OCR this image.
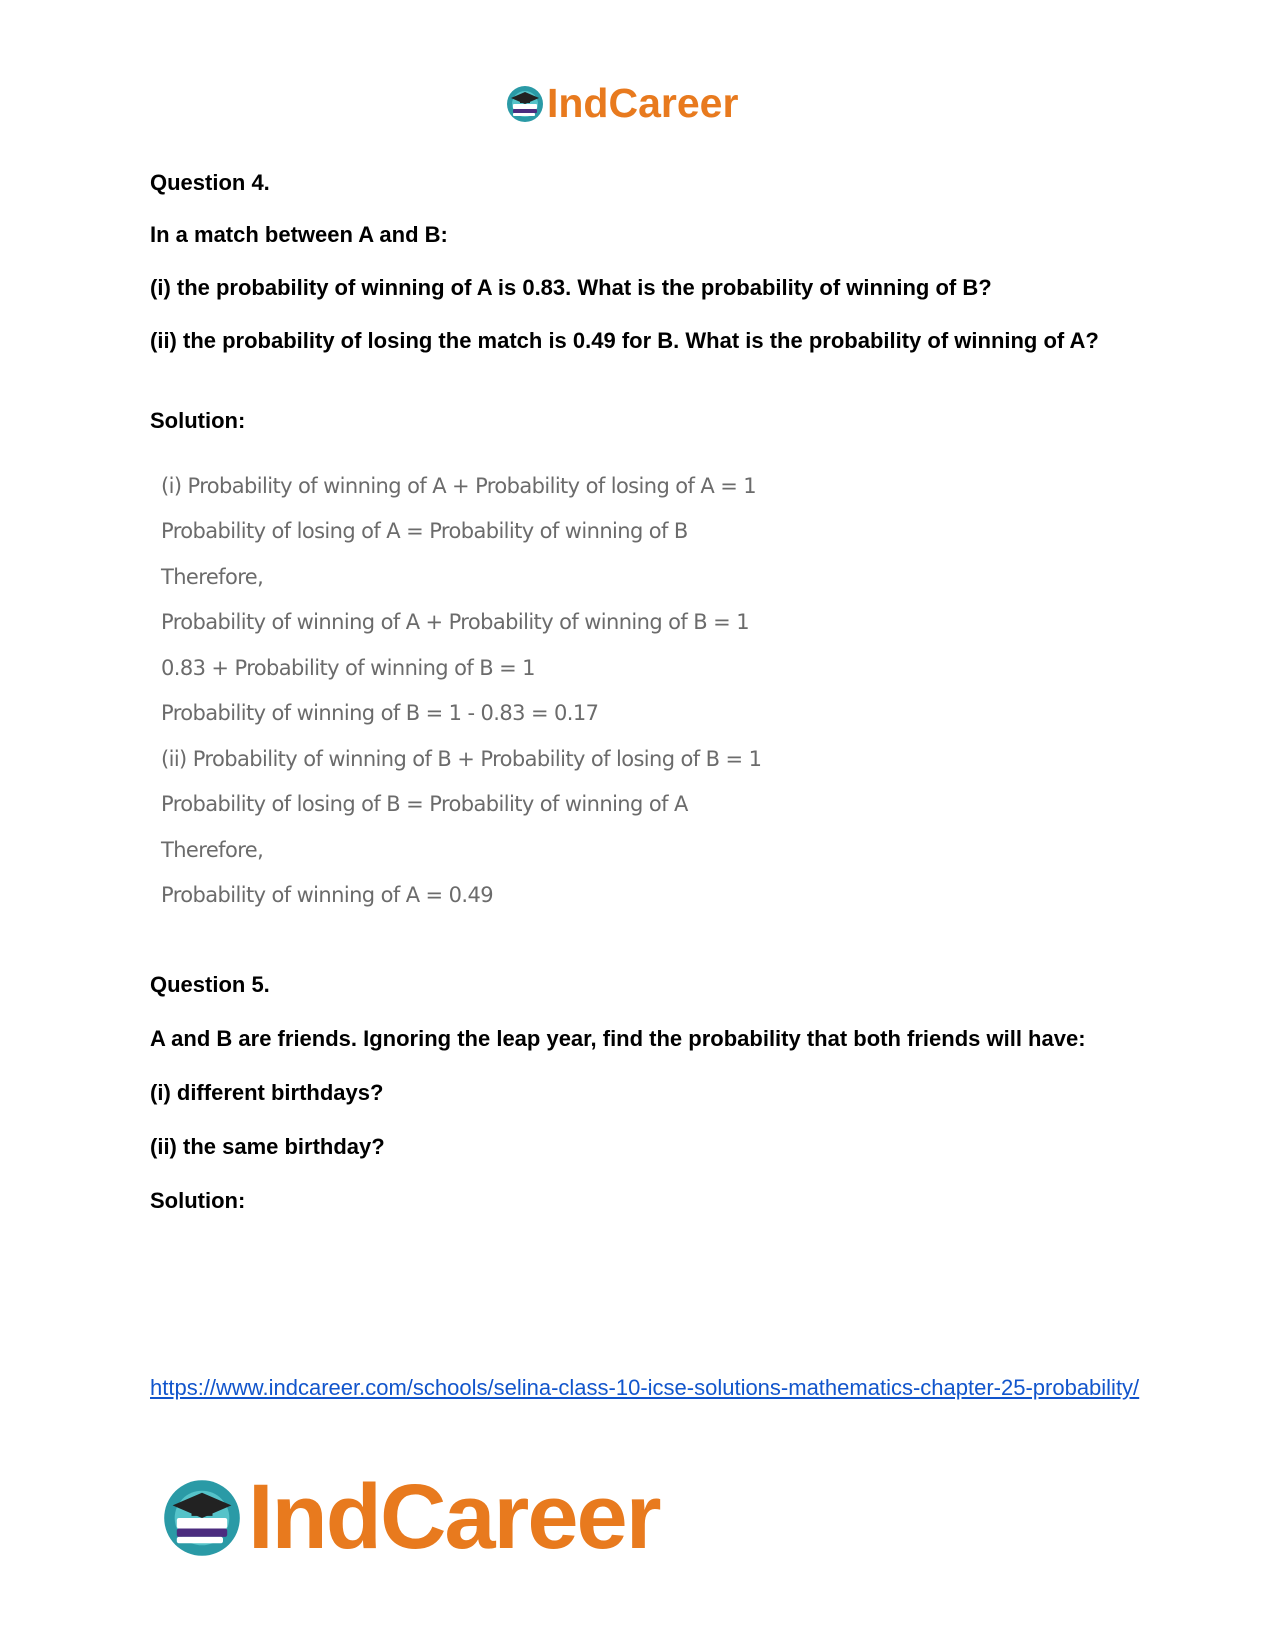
IndCareer

Question 4.

In a match between A and B:

(i) the probability of winning of A is 0.83. What is the probability of winning of B?

(ii) the probability of losing the match is 0.49 for B. What is the probability of winning of A?

Solution:

(i) Probability of winning of A + Probability of losing of A = 1

Probability of losing of A = Probability of winning of B

Therefore,

Probability of winning of A + Probability of winning of B = 1

0.83 + Probability of winning of B = 1

Probability of winning of B = 1 - 0.83 = 0.17

(ii) Probability of winning of B + Probability of losing of B = 1

Probability of losing of B = Probability of winning of A

Therefore,

Probability of winning of A = 0.49

Question 5.

A and B are friends. Ignoring the leap year, find the probability that both friends will have:

(i) different birthdays?

(ii) the same birthday?

Solution:

https://www.indcareer.com/schools/selina-class-10-icse-solutions-mathematics-chapter-25-probability/
IndCareer
